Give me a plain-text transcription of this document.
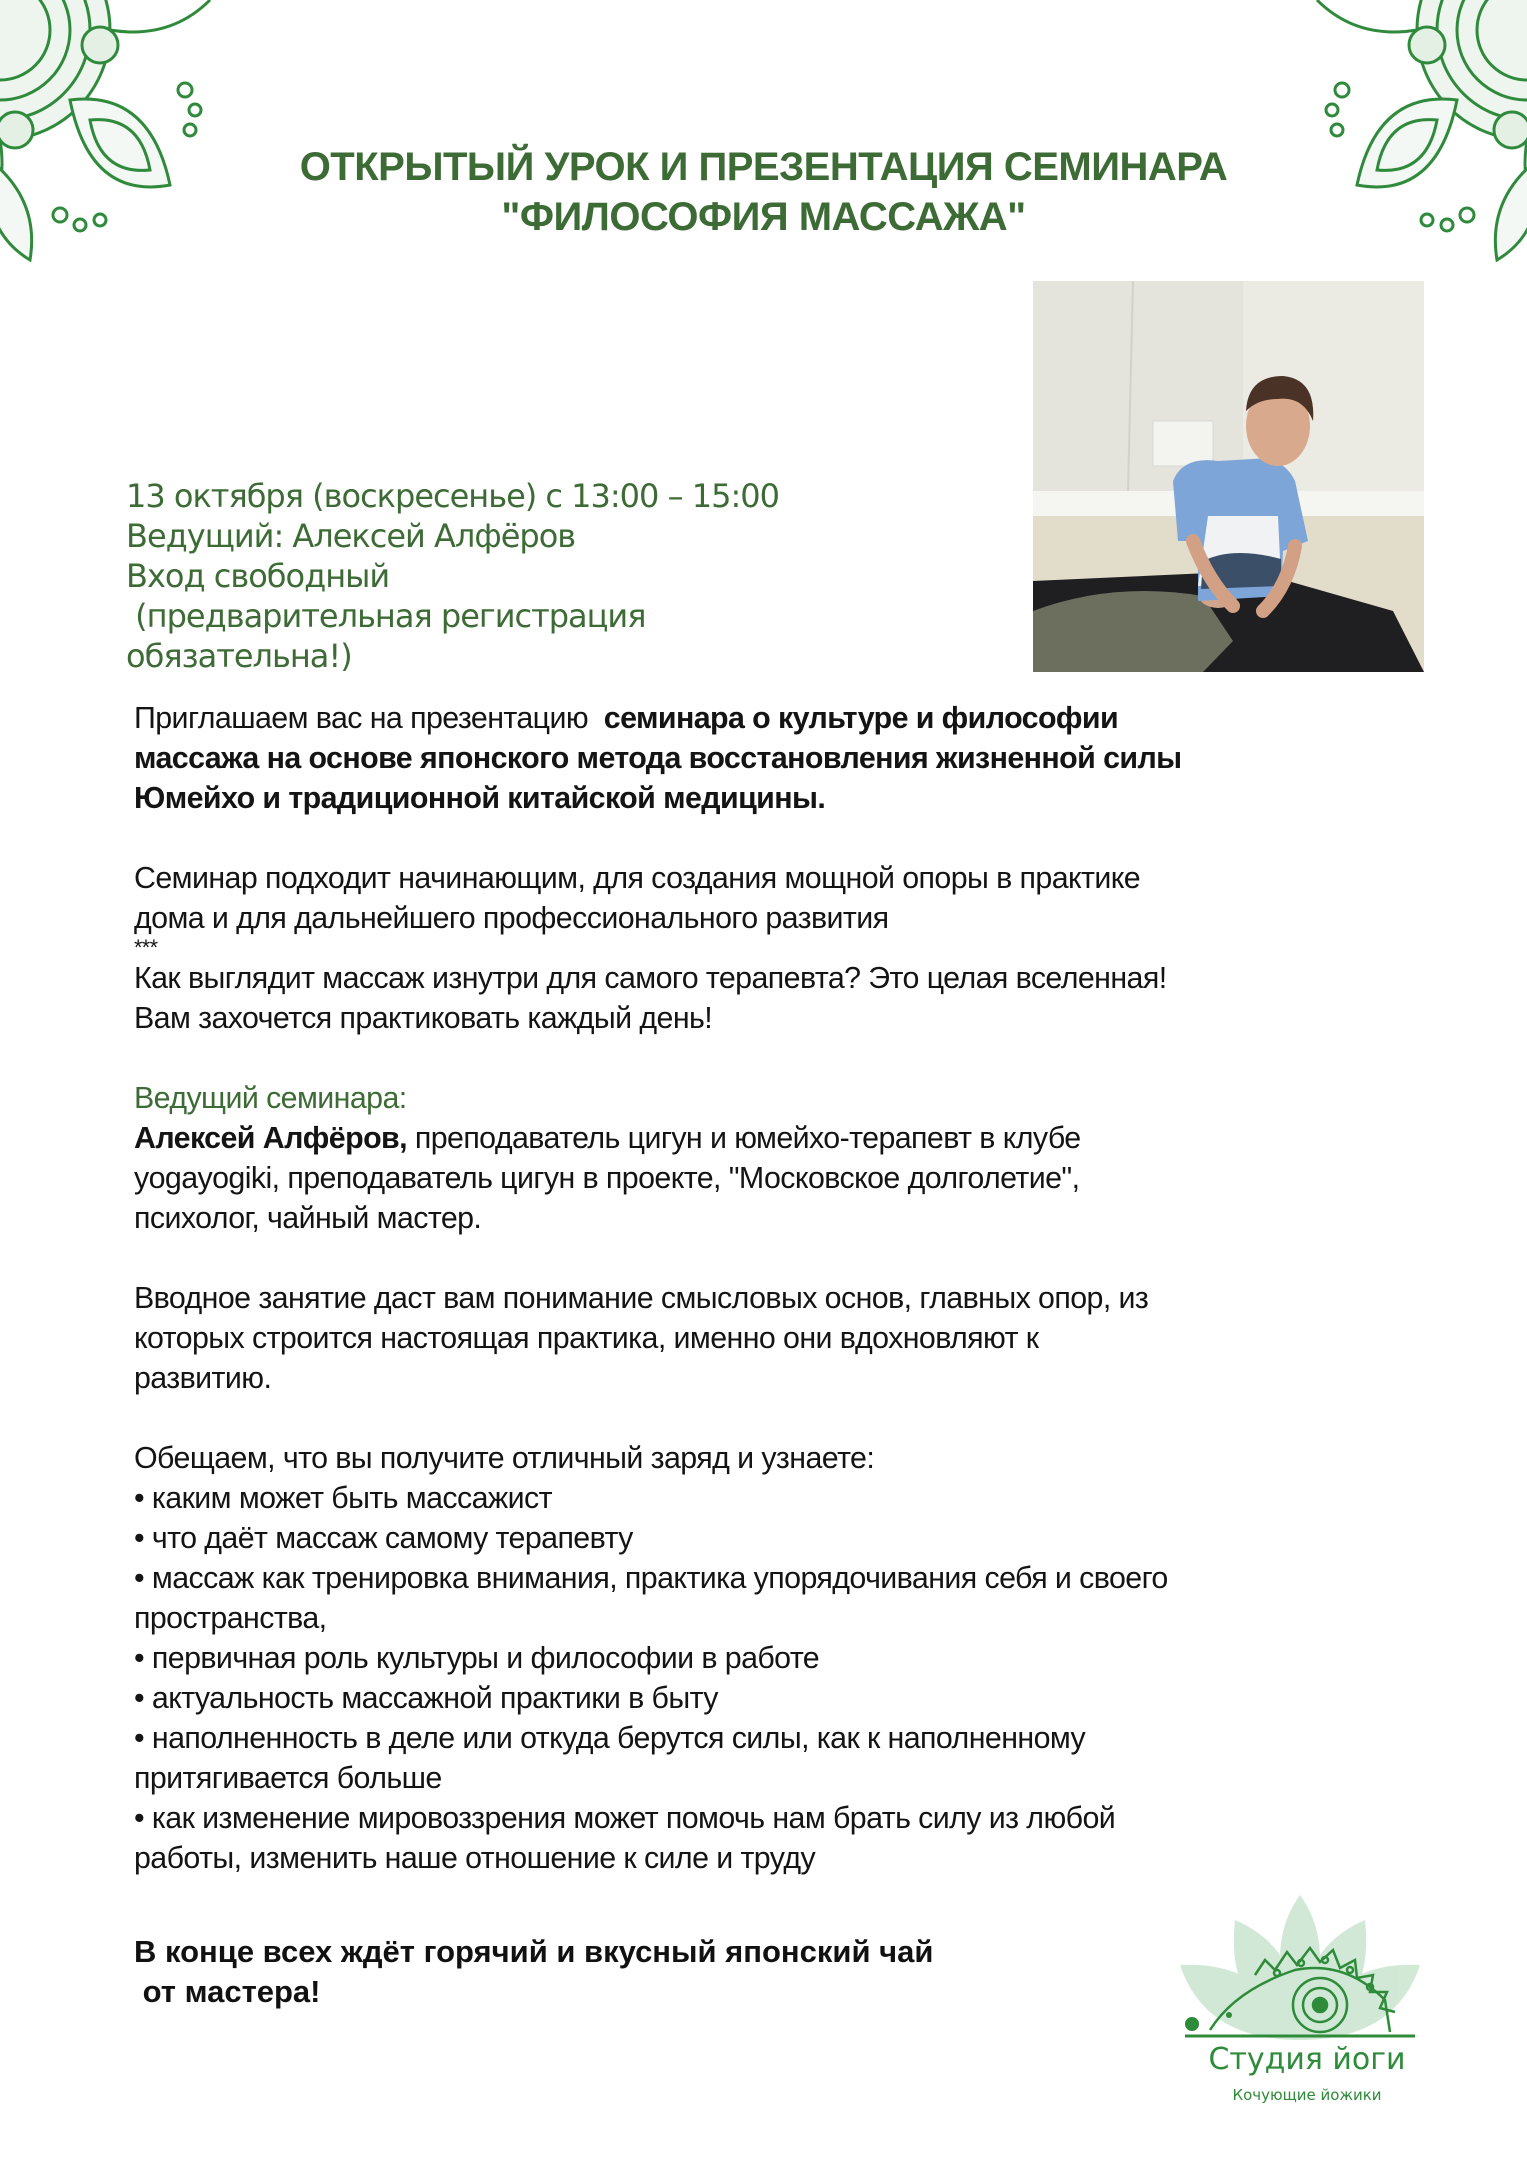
ОТКРЫТЫЙ УРОК И ПРЕЗЕНТАЦИЯ СЕМИНАРА
"ФИЛОСОФИЯ МАССАЖА"
13 октября (воскресенье) с 13:00 – 15:00
Ведущий: Алексей Алфёров
Вход свободный
(предварительная регистрация
обязательна!)

Приглашаем вас на презентацию  семинара о культуре и философии

массажа на основе японского метода восстановления жизненной силы

Юмейхо и традиционной китайской медицины.

Семинар подходит начинающим, для создания мощной опоры в практике

дома и для дальнейшего профессионального развития

***

Как выглядит массаж изнутри для самого терапевта? Это целая вселенная!

Вам захочется практиковать каждый день!

Ведущий семинара:

Алексей Алфёров, преподаватель цигун и юмейхо-терапевт в клубе

yogayogiki, преподаватель цигун в проекте, "Московское долголетие",

психолог, чайный мастер.

Вводное занятие даст вам понимание смысловых основ, главных опор, из

которых строится настоящая практика, именно они вдохновляют к

развитию.

Обещаем, что вы получите отличный заряд и узнаете:

• каким может быть массажист

• что даёт массаж самому терапевту

• массаж как тренировка внимания, практика упорядочивания себя и своего

пространства,

• первичная роль культуры и философии в работе

• актуальность массажной практики в быту

• наполненность в деле или откуда берутся силы, как к наполненному

притягивается больше

• как изменение мировоззрения может помочь нам брать силу из любой

работы, изменить наше отношение к силе и труду

В конце всех ждёт горячий и вкусный японский чай
от мастера!
Студия йоги
Кочующие йожики
